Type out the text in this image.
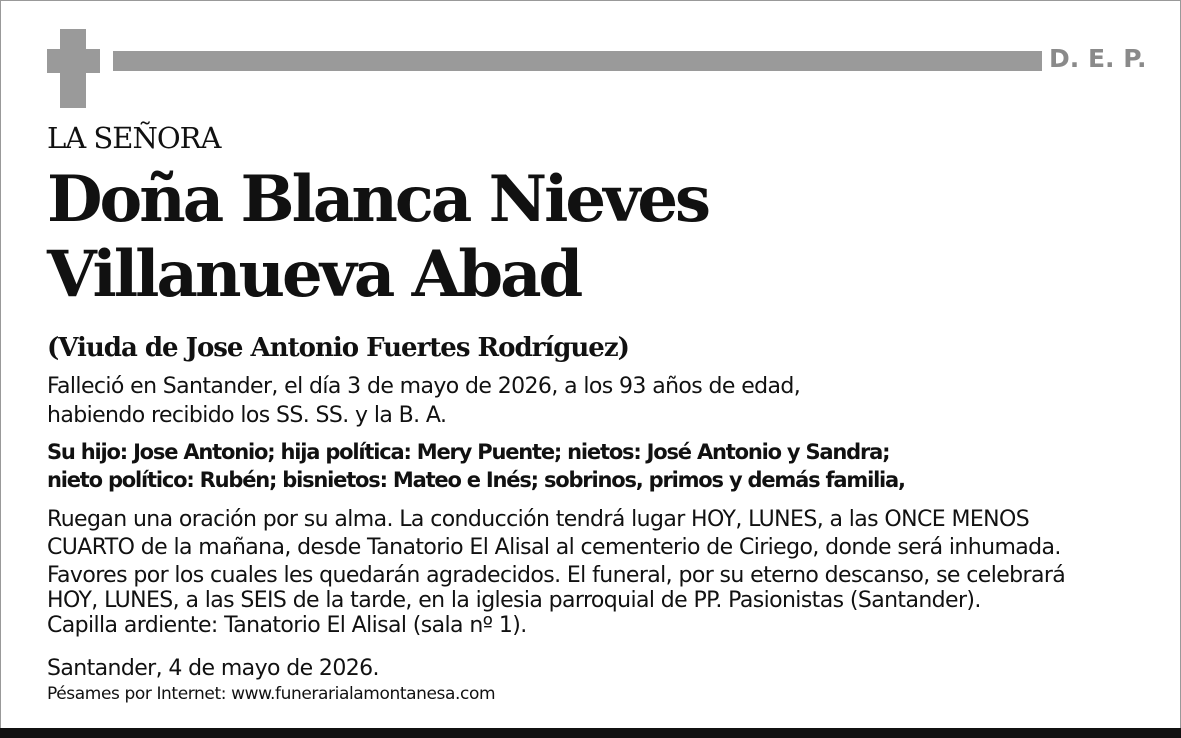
D. E. P.
LA SEÑORA
Doña Blanca Nieves
Villanueva Abad
(Viuda de Jose Antonio Fuertes Rodríguez)
Falleció en Santander, el día 3 de mayo de 2026, a los 93 años de edad,
habiendo recibido los SS. SS. y la B. A.
Su hijo: Jose Antonio; hija política: Mery Puente; nietos: José Antonio y Sandra;
nieto político: Rubén; bisnietos: Mateo e Inés; sobrinos, primos y demás familia,
Ruegan una oración por su alma. La conducción tendrá lugar HOY, LUNES, a las ONCE MENOS
CUARTO de la mañana, desde Tanatorio El Alisal al cementerio de Ciriego, donde será inhumada.
Favores por los cuales les quedarán agradecidos. El funeral, por su eterno descanso, se celebrará
HOY, LUNES, a las SEIS de la tarde, en la iglesia parroquial de PP. Pasionistas (Santander).
Capilla ardiente: Tanatorio El Alisal (sala nº 1).
Santander, 4 de mayo de 2026.
Pésames por Internet: www.funerarialamontanesa.com
